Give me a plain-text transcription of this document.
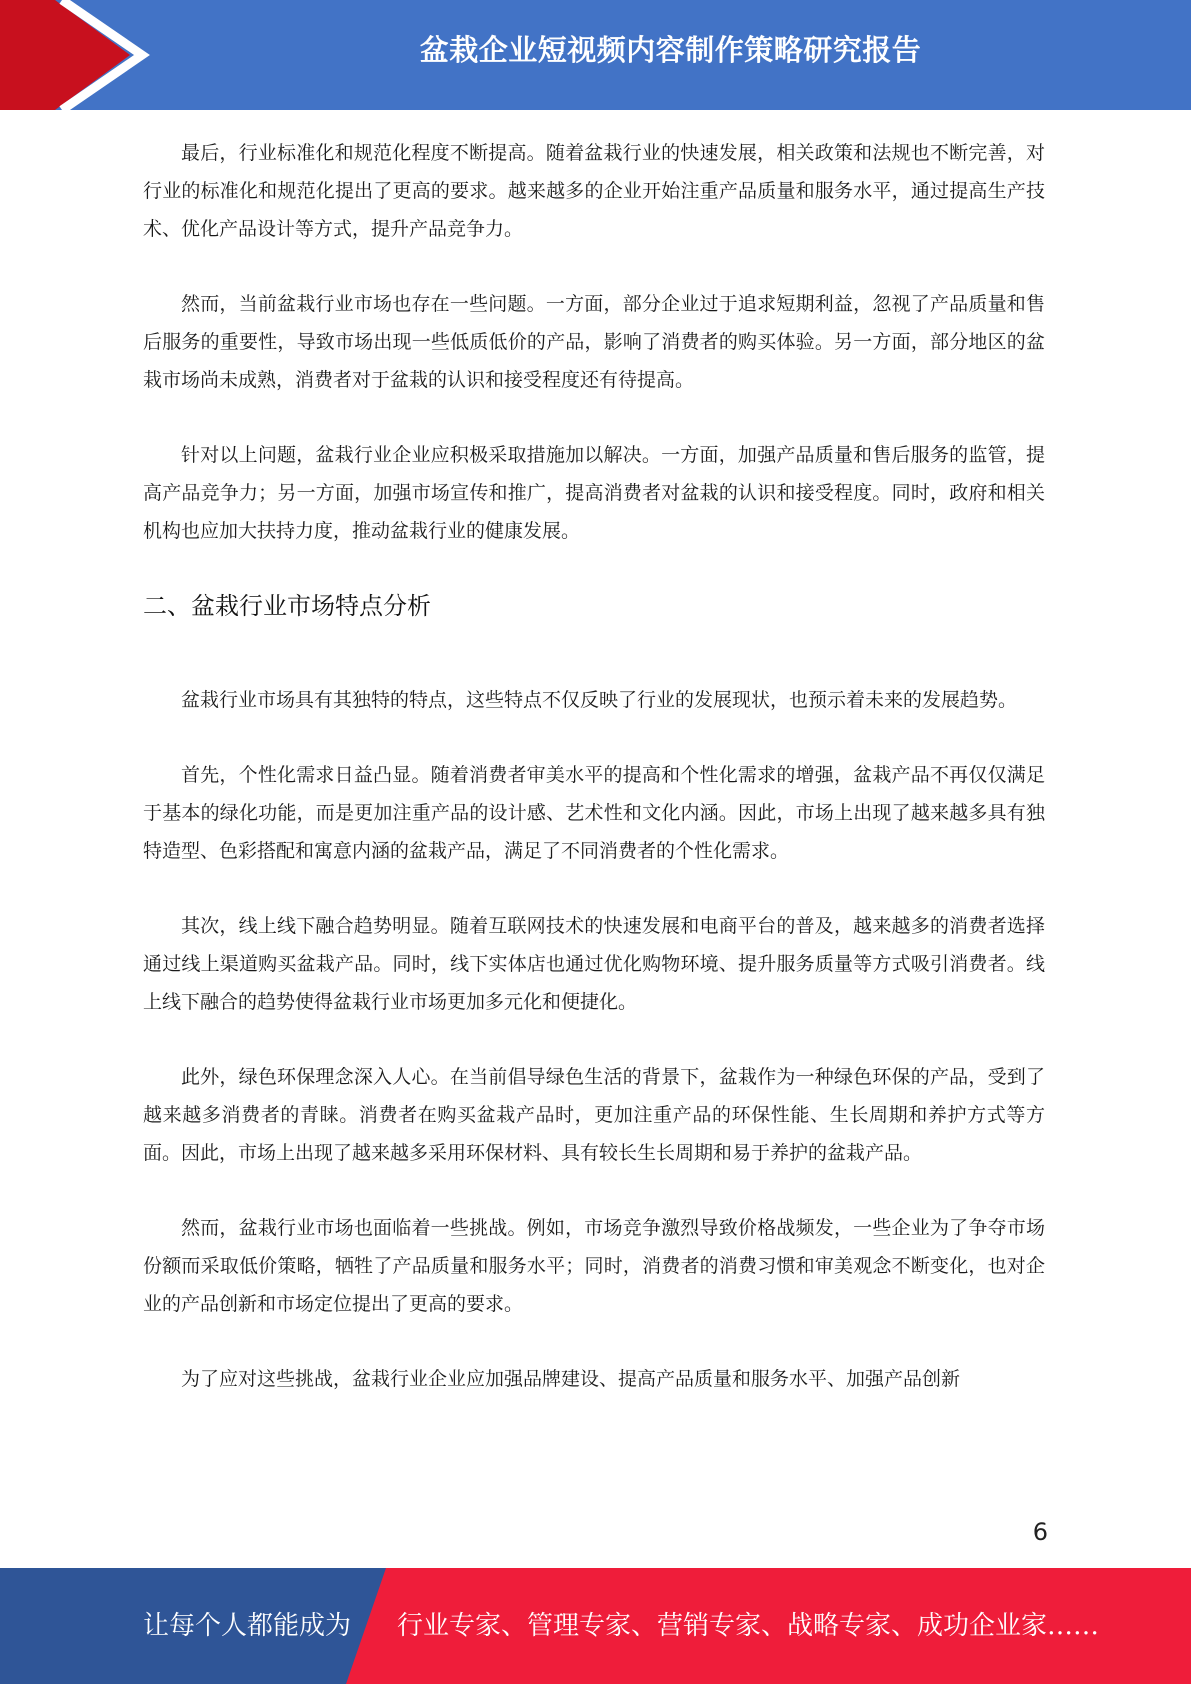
盆栽企业短视频内容制作策略研究报告

最后，行业标准化和规范化程度不断提高。随着盆栽行业的快速发展，相关政策和法规也不断完善，对行业的标准化和规范化提出了更高的要求。越来越多的企业开始注重产品质量和服务水平，通过提高生产技术、优化产品设计等方式，提升产品竞争力。

然而，当前盆栽行业市场也存在一些问题。一方面，部分企业过于追求短期利益，忽视了产品质量和售后服务的重要性，导致市场出现一些低质低价的产品，影响了消费者的购买体验。另一方面，部分地区的盆栽市场尚未成熟，消费者对于盆栽的认识和接受程度还有待提高。

针对以上问题，盆栽行业企业应积极采取措施加以解决。一方面，加强产品质量和售后服务的监管，提高产品竞争力；另一方面，加强市场宣传和推广，提高消费者对盆栽的认识和接受程度。同时，政府和相关机构也应加大扶持力度，推动盆栽行业的健康发展。

二、盆栽行业市场特点分析

盆栽行业市场具有其独特的特点，这些特点不仅反映了行业的发展现状，也预示着未来的发展趋势。

首先，个性化需求日益凸显。随着消费者审美水平的提高和个性化需求的增强，盆栽产品不再仅仅满足于基本的绿化功能，而是更加注重产品的设计感、艺术性和文化内涵。因此，市场上出现了越来越多具有独特造型、色彩搭配和寓意内涵的盆栽产品，满足了不同消费者的个性化需求。

其次，线上线下融合趋势明显。随着互联网技术的快速发展和电商平台的普及，越来越多的消费者选择通过线上渠道购买盆栽产品。同时，线下实体店也通过优化购物环境、提升服务质量等方式吸引消费者。线上线下融合的趋势使得盆栽行业市场更加多元化和便捷化。

此外，绿色环保理念深入人心。在当前倡导绿色生活的背景下，盆栽作为一种绿色环保的产品，受到了越来越多消费者的青睐。消费者在购买盆栽产品时，更加注重产品的环保性能、生长周期和养护方式等方面。因此，市场上出现了越来越多采用环保材料、具有较长生长周期和易于养护的盆栽产品。

然而，盆栽行业市场也面临着一些挑战。例如，市场竞争激烈导致价格战频发，一些企业为了争夺市场份额而采取低价策略，牺牲了产品质量和服务水平；同时，消费者的消费习惯和审美观念不断变化，也对企业的产品创新和市场定位提出了更高的要求。

为了应对这些挑战，盆栽行业企业应加强品牌建设、提高产品质量和服务水平、加强产品创新

6
让每个人都能成为 行业专家、管理专家、营销专家、战略专家、成功企业家……
